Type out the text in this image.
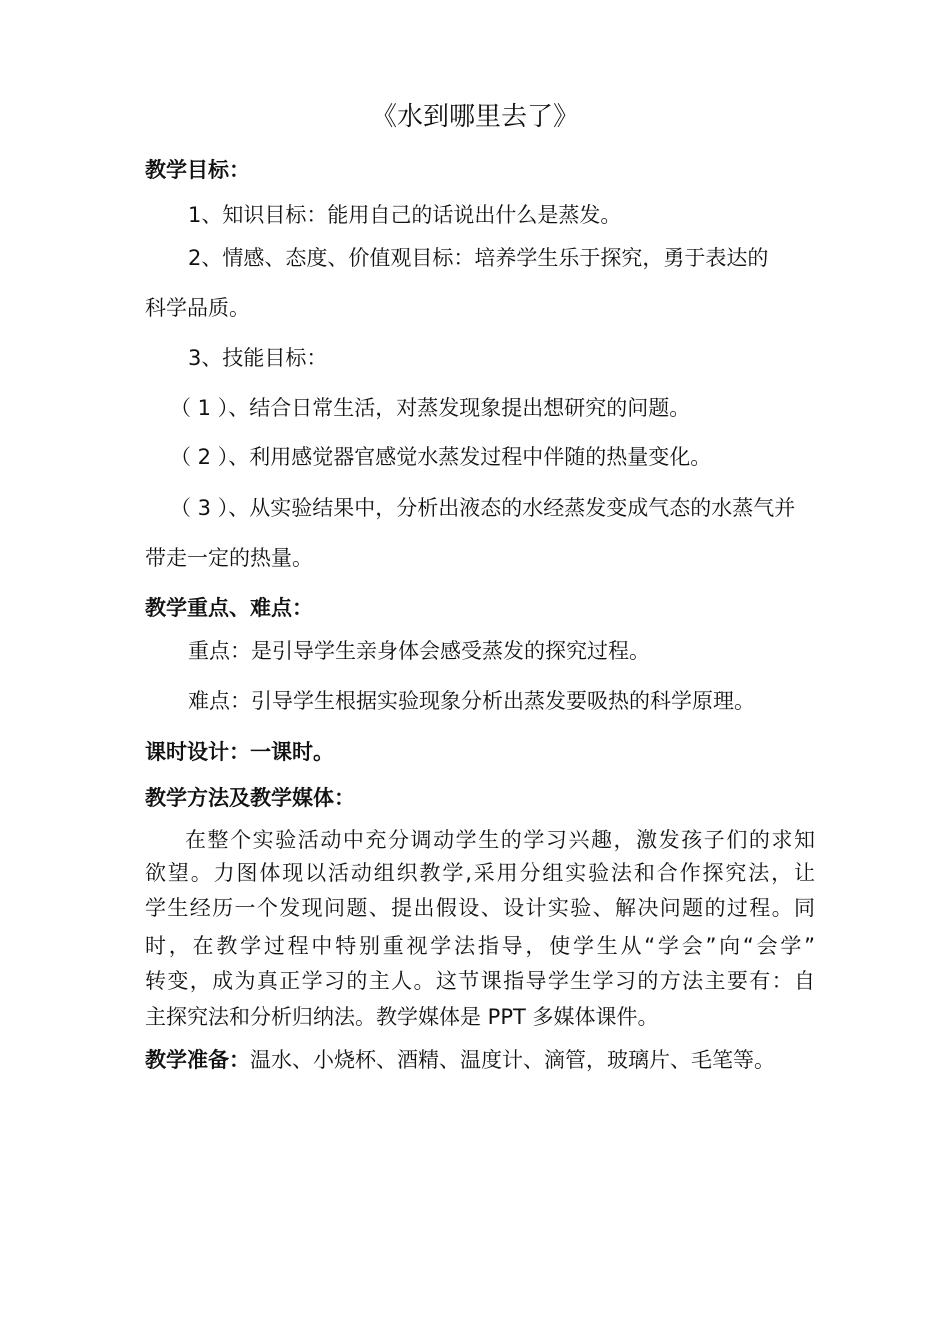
《水到哪里去了》
教学目标：
1、知识目标：能用自己的话说出什么是蒸发。
2、情感、态度、价值观目标：培养学生乐于探究，勇于表达的
科学品质。
3、技能目标：
（ 1 ）、结合日常生活，对蒸发现象提出想研究的问题。
（ 2 ）、利用感觉器官感觉水蒸发过程中伴随的热量变化。
（ 3 ）、从实验结果中，分析出液态的水经蒸发变成气态的水蒸气并
带走一定的热量。
教学重点、难点：
重点：是引导学生亲身体会感受蒸发的探究过程。
难点：引导学生根据实验现象分析出蒸发要吸热的科学原理。
课时设计：一课时。
教学方法及教学媒体：
在整个实验活动中充分调动学生的学习兴趣，激发孩子们的求知
欲望。力图体现以活动组织教学,采用分组实验法和合作探究法，让
学生经历一个发现问题、提出假设、设计实验、解决问题的过程。同
时，在教学过程中特别重视学法指导，使学生从“学会”向“会学”
转变，成为真正学习的主人。这节课指导学生学习的方法主要有：自
主探究法和分析归纳法。教学媒体是 PPT 多媒体课件。
教学准备：温水、小烧杯、酒精、温度计、滴管，玻璃片、毛笔等。
